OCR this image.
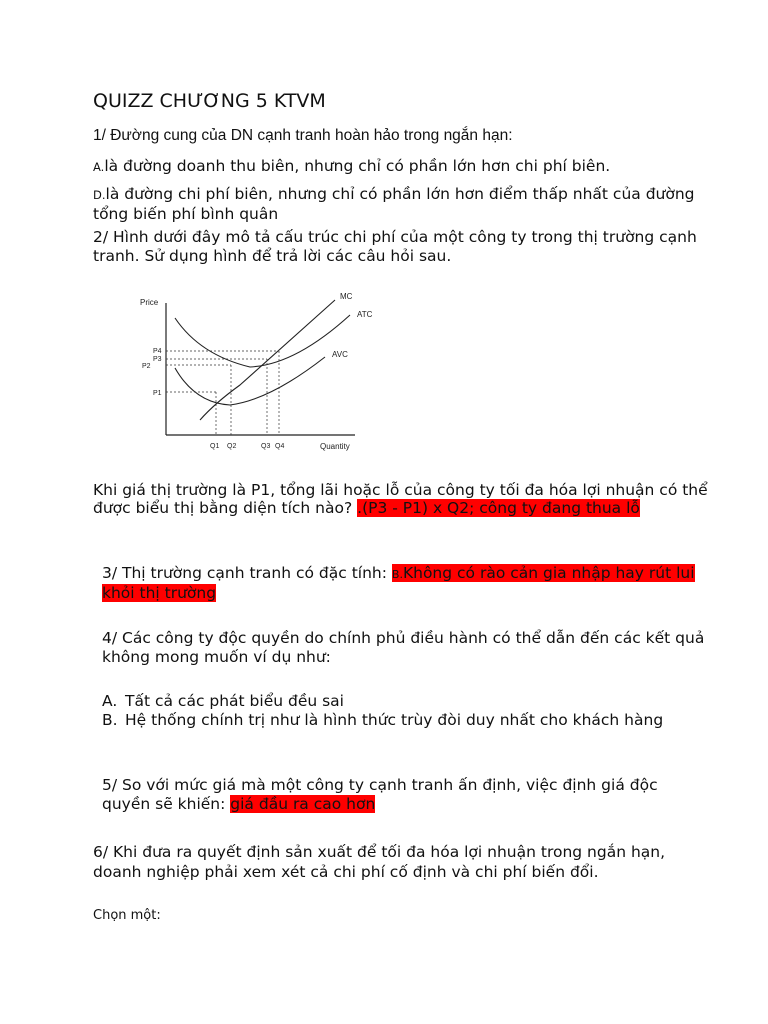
QUIZZ CHƯƠNG 5 KTVM
1/ Đường cung của DN cạnh tranh hoàn hảo trong ngắn hạn:
A.là đường doanh thu biên, nhưng chỉ có phần lớn hơn chi phí biên.
D.là đường chi phí biên, nhưng chỉ có phần lớn hơn điểm thấp nhất của đường tổng biến phí bình quân
2/ Hình dưới đây mô tả cấu trúc chi phí của một công ty trong thị trường cạnh tranh. Sử dụng hình để trả lời các câu hỏi sau.
Price
Quantity
MC
ATC
AVC
P4
P3
P2
P1
Q1 Q2	Q3 Q4
Khi giá thị trường là P1, tổng lãi hoặc lỗ của công ty tối đa hóa lợi nhuận có thể được biểu thị bằng diện tích nào? .(P3 - P1) x Q2; công ty đang thua lỗ
3/ Thị trường cạnh tranh có đặc tính: B.Không có rào cản gia nhập hay rút lui khỏi thị trường
4/ Các công ty độc quyền do chính phủ điều hành có thể dẫn đến các kết quả không mong muốn ví dụ như:
A. Tất cả các phát biểu đều sai
B. Hệ thống chính trị như là hình thức trùy đòi duy nhất cho khách hàng
5/ So với mức giá mà một công ty cạnh tranh ấn định, việc định giá độc quyền sẽ khiến: giá đầu ra cao hơn
6/ Khi đưa ra quyết định sản xuất để tối đa hóa lợi nhuận trong ngắn hạn, doanh nghiệp phải xem xét cả chi phí cố định và chi phí biến đổi.
Chọn một:
